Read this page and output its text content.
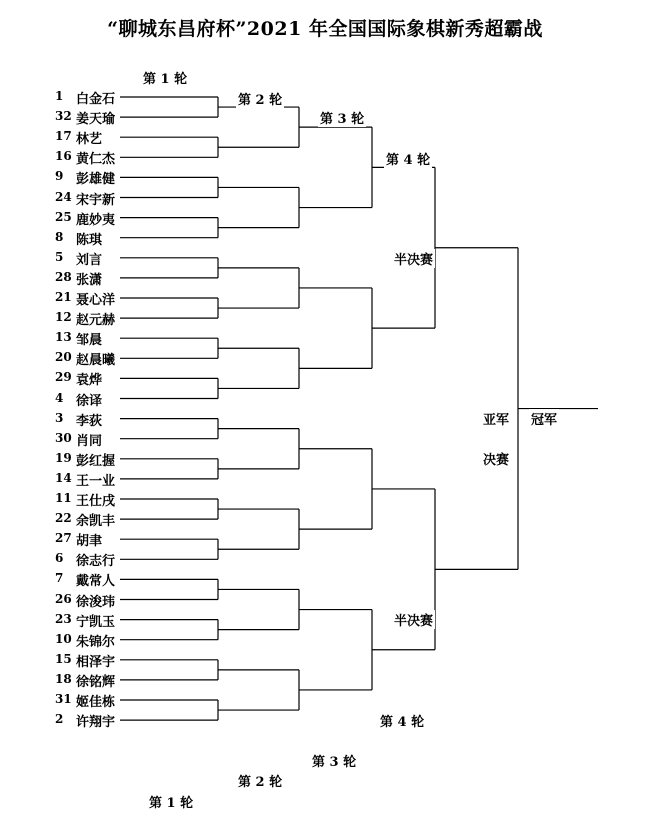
“聊城东昌府杯”2021 年全国国际象棋新秀超霸战
1 白金石
32 姜天瑜
17 林艺
16 黄仁杰
9 彭雄健
24 宋宇新
25 鹿妙夷
8 陈琪
5 刘言
28 张潇
21 聂心洋
12 赵元赫
13 邹晨
20 赵晨曦
29 袁烨
4 徐译
3 李荻
30 肖同
19 彭红握
14 王一业
11 王仕戌
22 余凯丰
27 胡聿
6 徐志行
7 戴常人
26 徐浚玮
23 宁凯玉
10 朱锦尔
15 相泽宇
18 徐铭辉
31 姬佳栋
2 许翔宇
第 1 轮
第 2 轮
第 3 轮
第 4 轮
半决赛
亚军 冠军
决赛
半决赛
第 4 轮
第 3 轮
第 2 轮
第 1 轮
